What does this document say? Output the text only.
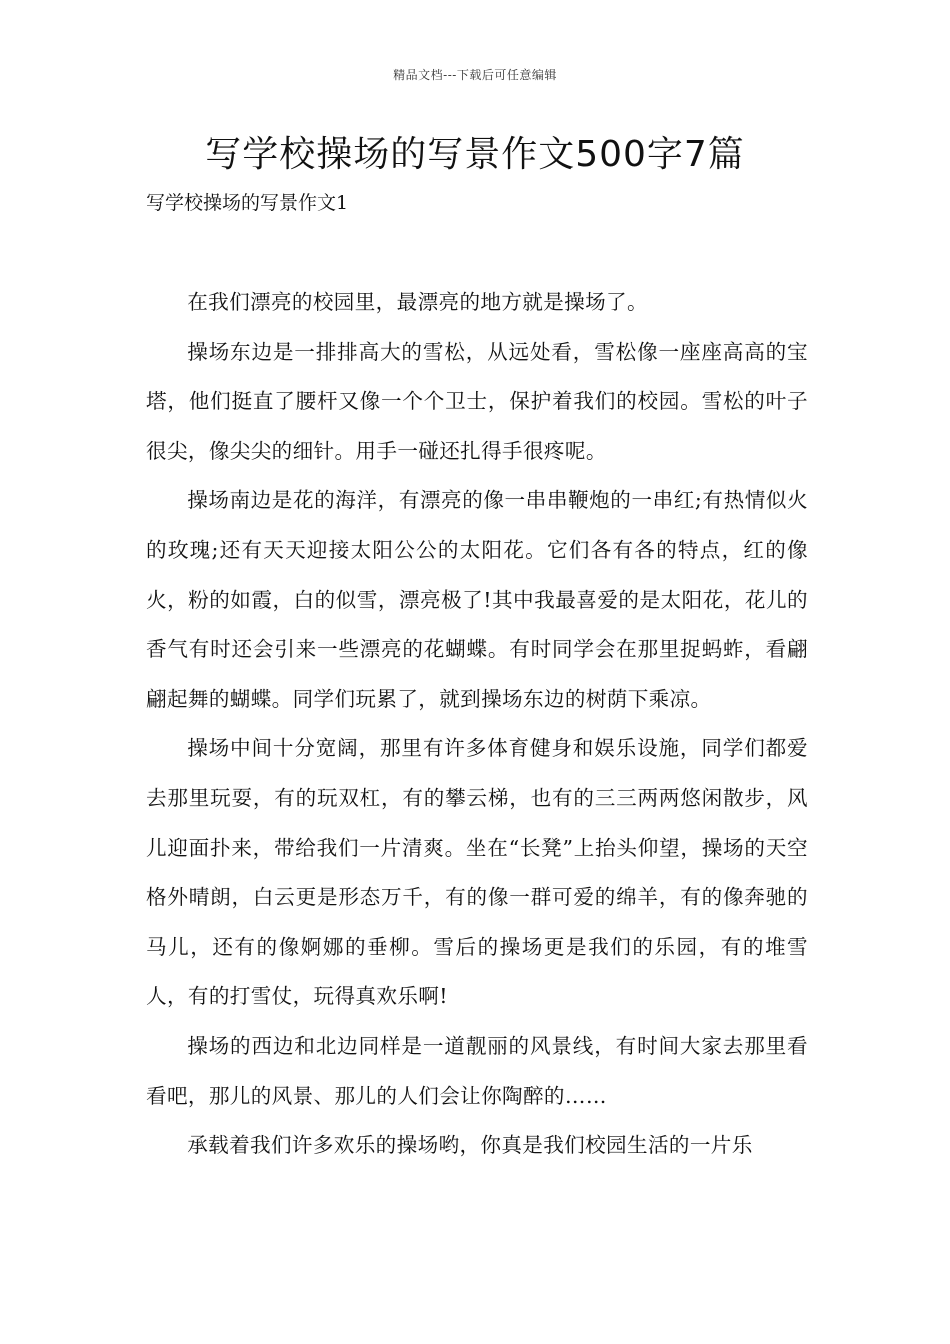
精品文档---下载后可任意编辑
写学校操场的写景作文500字7篇
写学校操场的写景作文1

在我们漂亮的校园里，最漂亮的地方就是操场了。

操场东边是一排排高大的雪松，从远处看，雪松像一座座高高的宝塔，他们挺直了腰杆又像一个个卫士，保护着我们的校园。雪松的叶子很尖，像尖尖的细针。用手一碰还扎得手很疼呢。

操场南边是花的海洋，有漂亮的像一串串鞭炮的一串红;有热情似火的玫瑰;还有天天迎接太阳公公的太阳花。它们各有各的特点，红的像火，粉的如霞，白的似雪，漂亮极了!其中我最喜爱的是太阳花，花儿的香气有时还会引来一些漂亮的花蝴蝶。有时同学会在那里捉蚂蚱，看翩翩起舞的蝴蝶。同学们玩累了，就到操场东边的树荫下乘凉。

操场中间十分宽阔，那里有许多体育健身和娱乐设施，同学们都爱去那里玩耍，有的玩双杠，有的攀云梯，也有的三三两两悠闲散步，风儿迎面扑来，带给我们一片清爽。坐在“长凳”上抬头仰望，操场的天空格外晴朗，白云更是形态万千，有的像一群可爱的绵羊，有的像奔驰的马儿，还有的像婀娜的垂柳。雪后的操场更是我们的乐园，有的堆雪人，有的打雪仗，玩得真欢乐啊!

操场的西边和北边同样是一道靓丽的风景线，有时间大家去那里看看吧，那儿的风景、那儿的人们会让你陶醉的……

承载着我们许多欢乐的操场哟，你真是我们校园生活的一片乐
